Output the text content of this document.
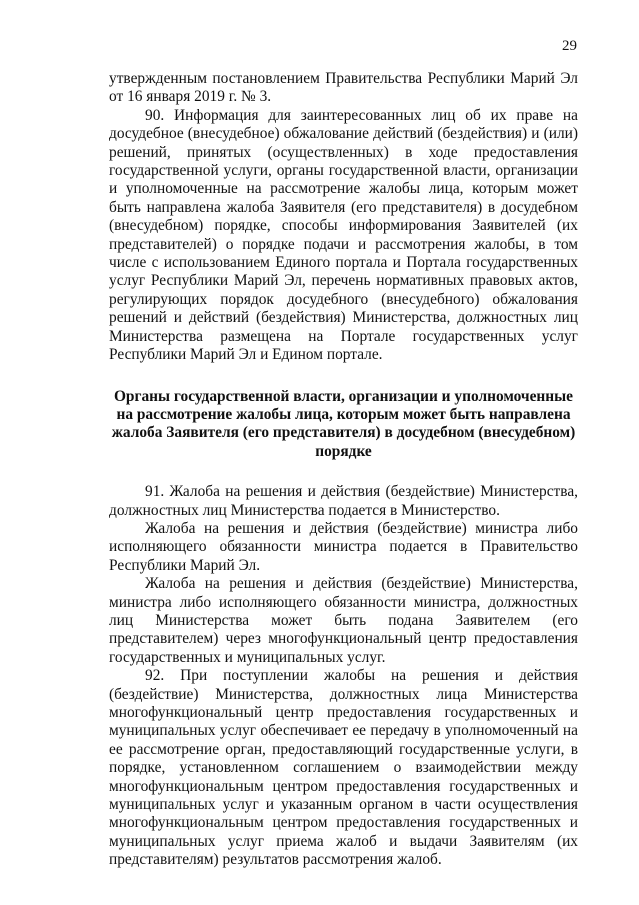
29

утвержденным постановлением Правительства Республики Марий Эл от 16 января 2019 г. № 3.

90. Информация для заинтересованных лиц об их праве на досудебное (внесудебное) обжалование действий (бездействия) и (или) решений, принятых (осуществленных) в ходе предоставления государственной услуги, органы государственной власти, организации и уполномоченные на рассмотрение жалобы лица, которым может быть направлена жалоба Заявителя (его представителя) в досудебном (внесудебном) порядке, способы информирования Заявителей (их представителей) о порядке подачи и рассмотрения жалобы, в том числе с использованием Единого портала и Портала государственных услуг Республики Марий Эл, перечень нормативных правовых актов, регулирующих порядок досудебного (внесудебного) обжалования решений и действий (бездействия) Министерства, должностных лиц Министерства размещена на Портале государственных услуг Республики Марий Эл и Едином портале.

Органы государственной власти, организации и уполномоченные на рассмотрение жалобы лица, которым может быть направлена жалоба Заявителя (его представителя) в досудебном (внесудебном) порядке

91. Жалоба на решения и действия (бездействие) Министерства, должностных лиц Министерства подается в Министерство.

Жалоба на решения и действия (бездействие) министра либо исполняющего обязанности министра подается в Правительство Республики Марий Эл.

Жалоба на решения и действия (бездействие) Министерства, министра либо исполняющего обязанности министра, должностных лиц Министерства может быть подана Заявителем (его представителем) через многофункциональный центр предоставления государственных и муниципальных услуг.

92. При поступлении жалобы на решения и действия (бездействие) Министерства, должностных лица Министерства многофункциональный центр предоставления государственных и муниципальных услуг обеспечивает ее передачу в уполномоченный на ее рассмотрение орган, предоставляющий государственные услуги, в порядке, установленном соглашением о взаимодействии между многофункциональным центром предоставления государственных и муниципальных услуг и указанным органом в части осуществления многофункциональным центром предоставления государственных и муниципальных услуг приема жалоб и выдачи Заявителям (их представителям) результатов рассмотрения жалоб.
